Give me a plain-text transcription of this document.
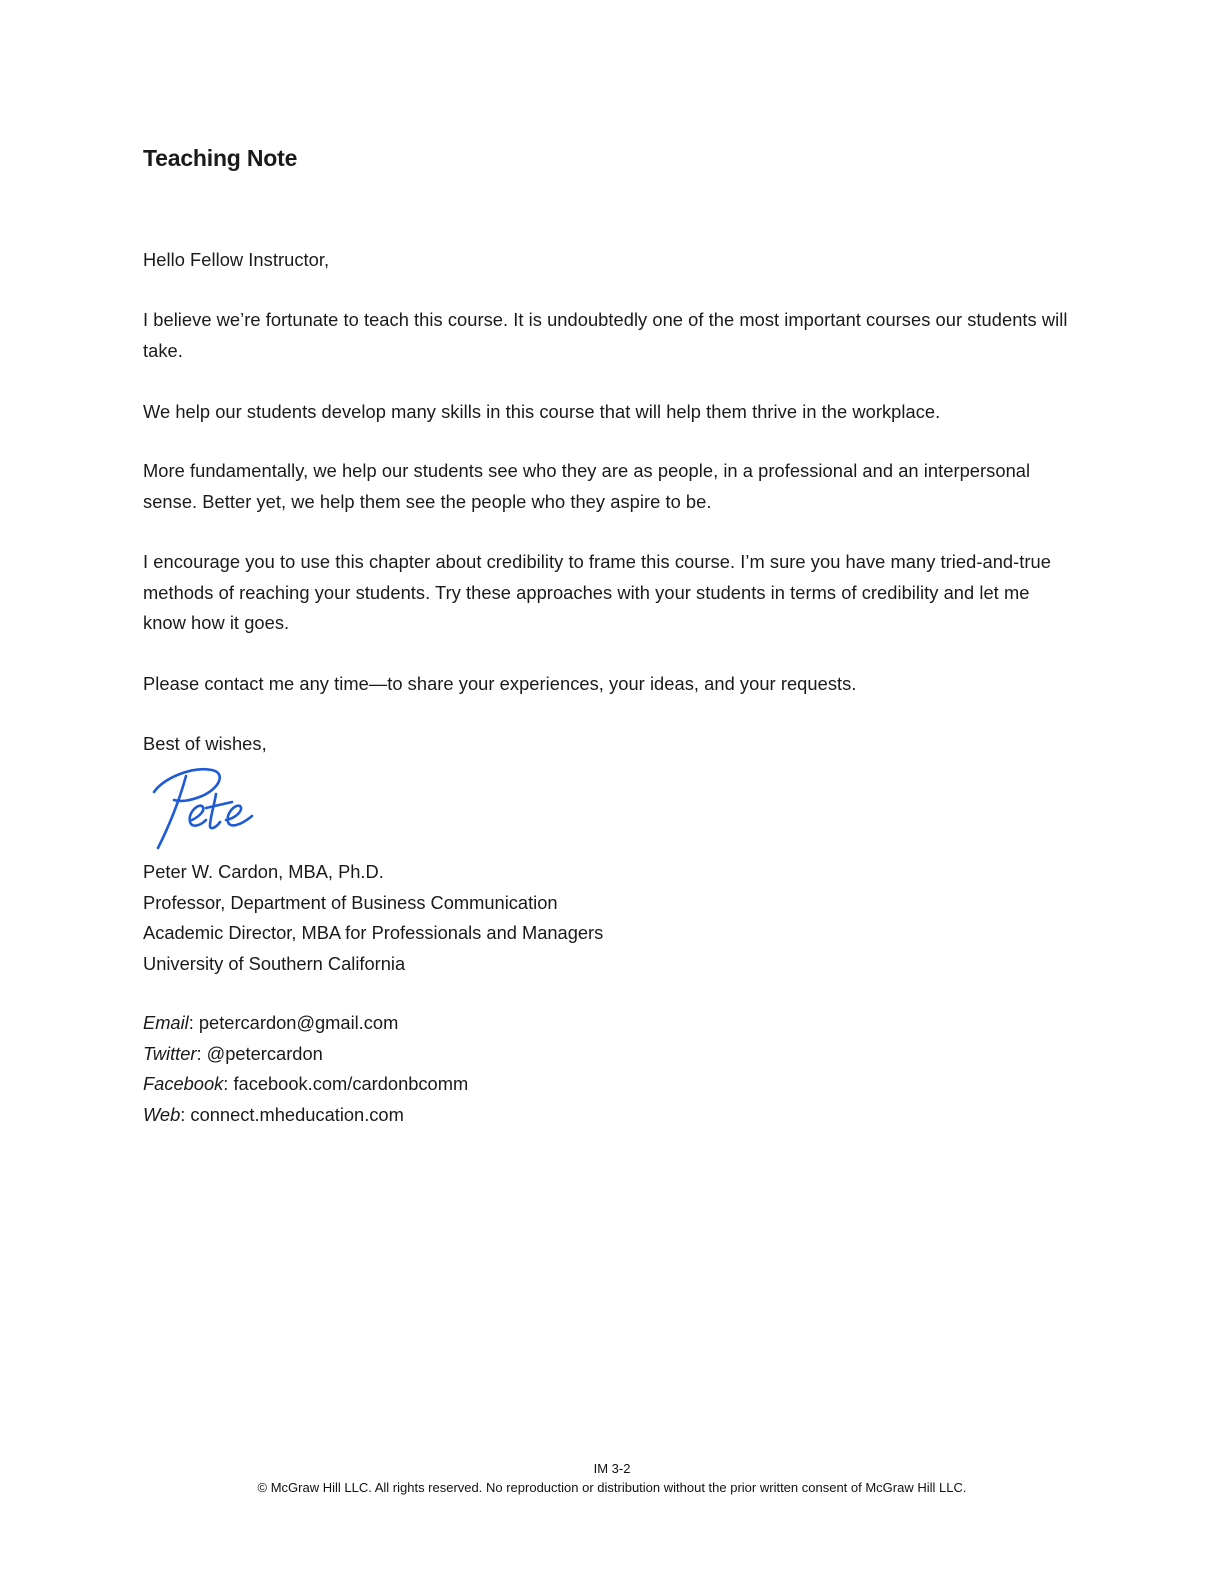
Teaching Note

Hello Fellow Instructor,

I believe we’re fortunate to teach this course. It is undoubtedly one of the most important courses our students will take.

We help our students develop many skills in this course that will help them thrive in the workplace.

More fundamentally, we help our students see who they are as people, in a professional and an interpersonal sense. Better yet, we help them see the people who they aspire to be.

I encourage you to use this chapter about credibility to frame this course. I’m sure you have many tried-and-true methods of reaching your students. Try these approaches with your students in terms of credibility and let me know how it goes.

Please contact me any time—to share your experiences, your ideas, and your requests.

Best of wishes,

Peter W. Cardon, MBA, Ph.D.
Professor, Department of Business Communication
Academic Director, MBA for Professionals and Managers
University of Southern California
Email: petercardon@gmail.com
Twitter: @petercardon
Facebook: facebook.com/cardonbcomm
Web: connect.mheducation.com
IM 3-2
© McGraw Hill LLC. All rights reserved. No reproduction or distribution without the prior written consent of McGraw Hill LLC.
